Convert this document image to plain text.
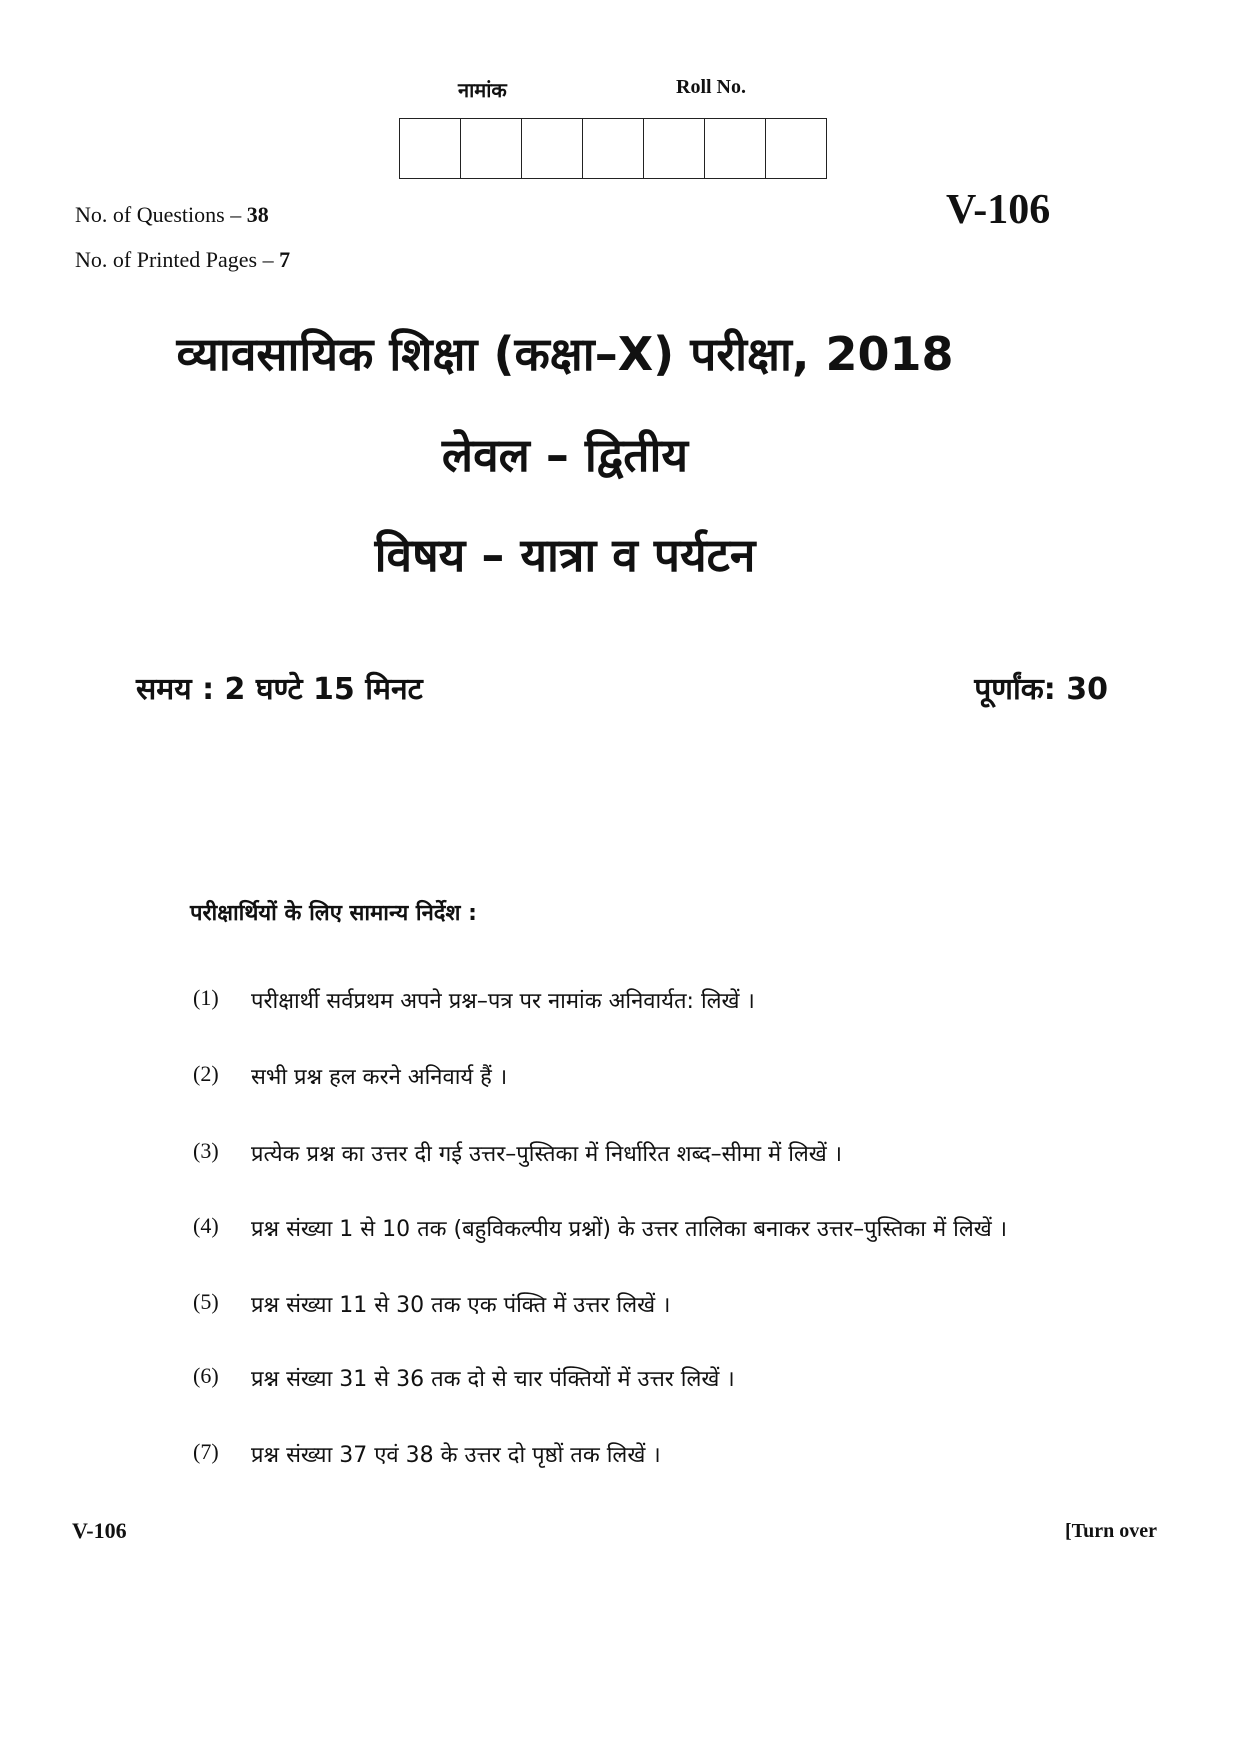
नामांक	Roll No.
No. of Questions – 38
No. of Printed Pages – 7
V-106
व्यावसायिक शिक्षा (कक्षा–X) परीक्षा, 2018
लेवल – द्वितीय
विषय – यात्रा व पर्यटन
समय : 2 घण्टे 15 मिनट	पूर्णांक: 30
परीक्षार्थियों के लिए सामान्य निर्देश :
(1)	परीक्षार्थी सर्वप्रथम अपने प्रश्न–पत्र पर नामांक अनिवार्यत: लिखें ।
(2)	सभी प्रश्न हल करने अनिवार्य हैं ।
(3)	प्रत्येक प्रश्न का उत्तर दी गई उत्तर–पुस्तिका में निर्धारित शब्द–सीमा में लिखें ।
(4)	प्रश्न संख्या 1 से 10 तक (बहुविकल्पीय प्रश्नों) के उत्तर तालिका बनाकर उत्तर–पुस्तिका में लिखें ।
(5)	प्रश्न संख्या 11 से 30 तक एक पंक्ति में उत्तर लिखें ।
(6)	प्रश्न संख्या 31 से 36 तक दो से चार पंक्तियों में उत्तर लिखें ।
(7)	प्रश्न संख्या 37 एवं 38 के उत्तर दो पृष्ठों तक लिखें ।
V-106	[Turn over
